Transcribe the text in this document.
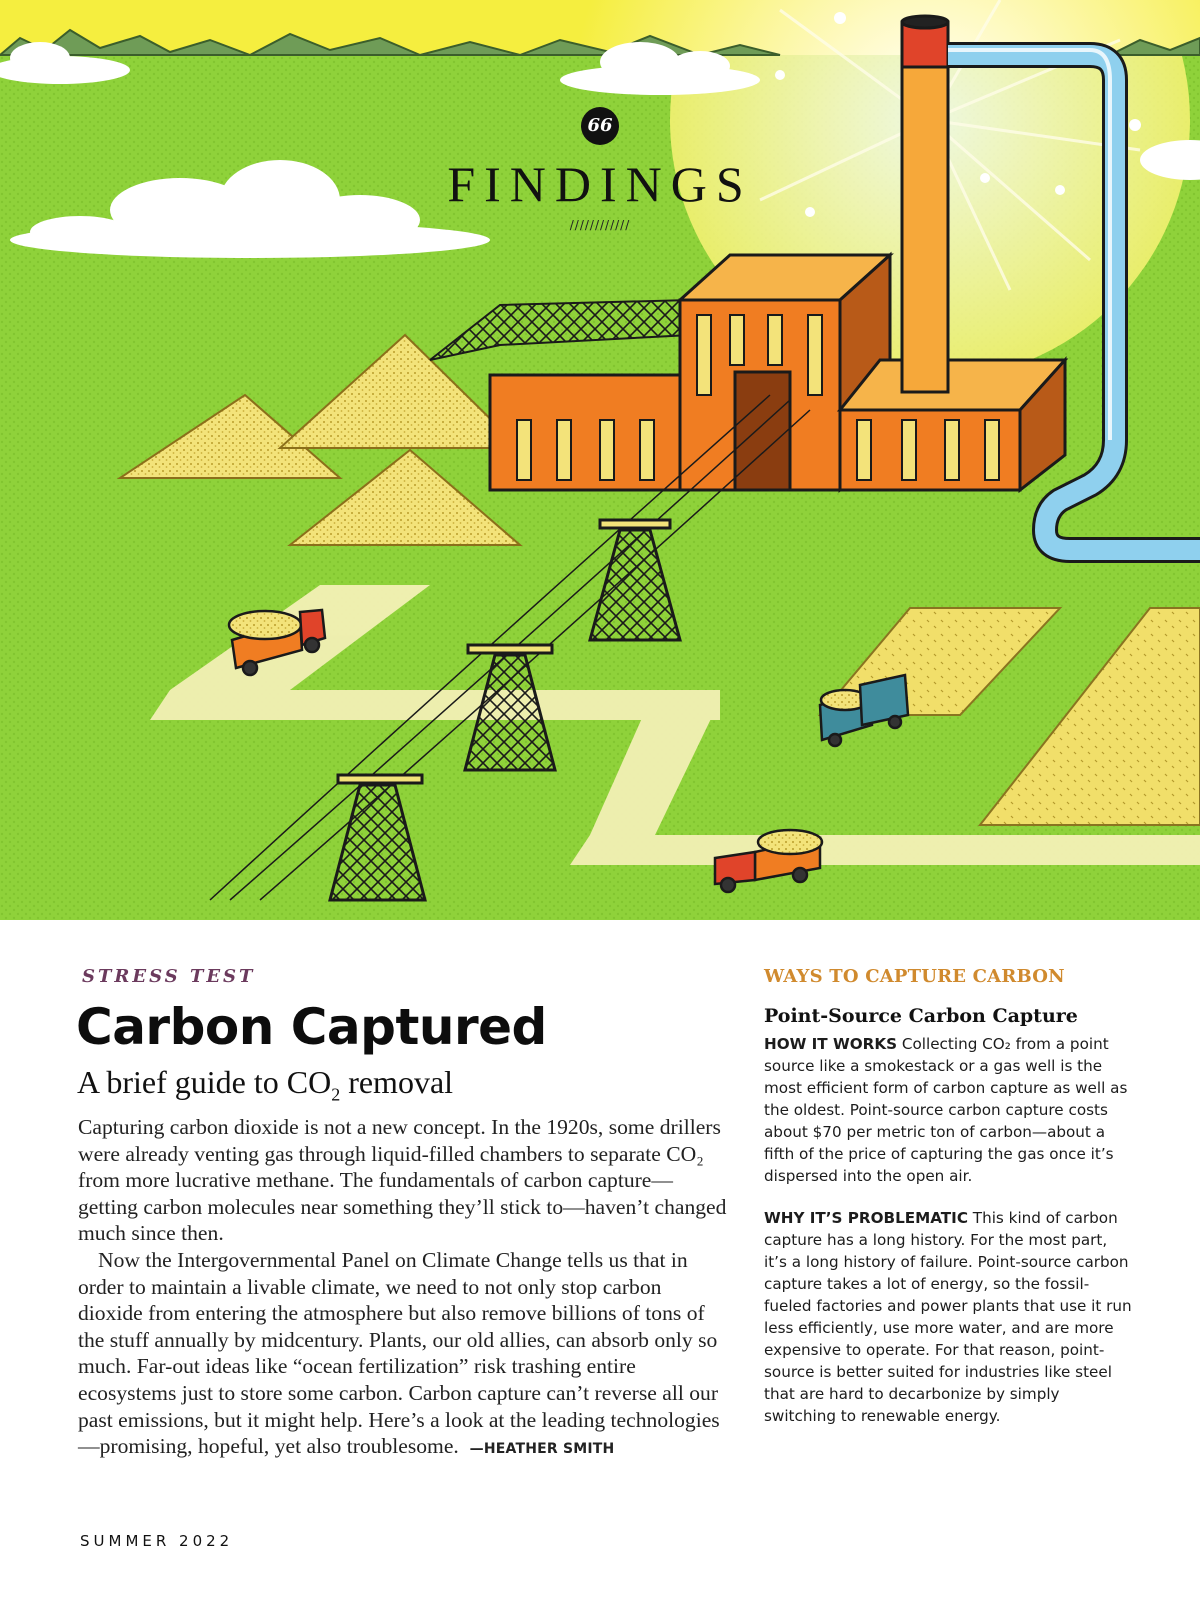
66
FINDINGS
////////////
STRESS TEST
Carbon Captured
A brief guide to $CO_2$ removal

Capturing carbon dioxide is not a new concept. In the 1920s, some drillers were already venting gas through liquid-filled chambers to separate CO₂ from more lucrative methane. The fundamentals of carbon capture—getting carbon molecules near something they’ll stick to—haven’t changed much since then.

Now the Intergovernmental Panel on Climate Change tells us that in order to maintain a livable climate, we need to not only stop carbon dioxide from entering the atmosphere but also remove billions of tons of the stuff annually by midcentury. Plants, our old allies, can absorb only so much. Far-out ideas like “ocean fertilization” risk trashing entire ecosystems just to store some carbon. Carbon capture can’t reverse all our past emissions, but it might help. Here’s a look at the leading technologies—promising, hopeful, yet also troublesome. —HEATHER SMITH

WAYS TO CAPTURE CARBON
Point-Source Carbon Capture

HOW IT WORKS Collecting CO₂ from a point source like a smokestack or a gas well is the most efficient form of carbon capture as well as the oldest. Point-source carbon capture costs about $70 per metric ton of carbon—about a fifth of the price of capturing the gas once it’s dispersed into the open air.

WHY IT’S PROBLEMATIC This kind of carbon capture has a long history. For the most part, it’s a long history of failure. Point-source carbon capture takes a lot of energy, so the fossil-fueled factories and power plants that use it run less efficiently, use more water, and are more expensive to operate. For that reason, point-source is better suited for industries like steel that are hard to decarbonize by simply switching to renewable energy.

SUMMER 2022
